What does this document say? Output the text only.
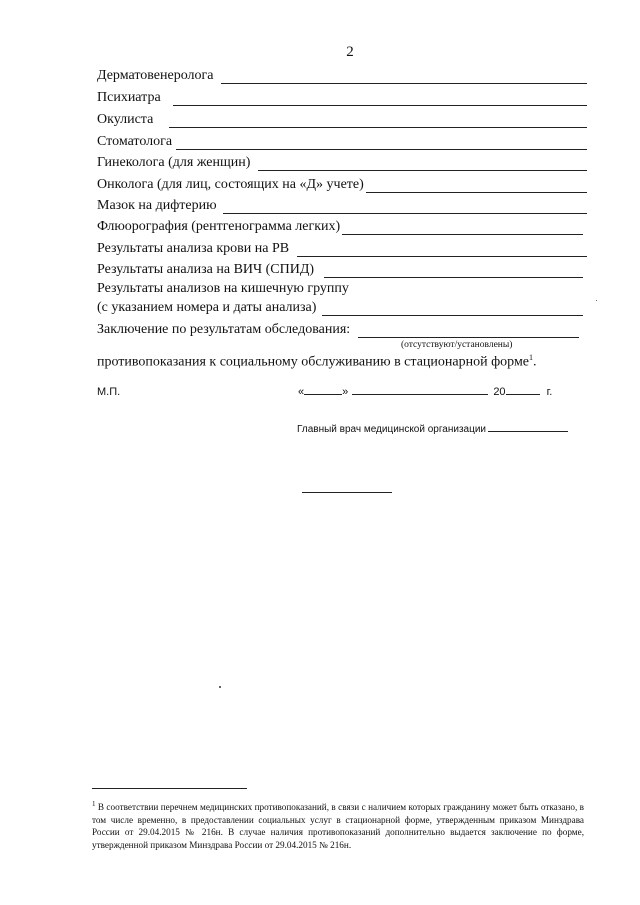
2
Дерматовенеролога
Психиатра
Окулиста
Стоматолога
Гинеколога (для женщин)
Онколога (для лиц, состоящих на «Д» учете)
Мазок на дифтерию
Флюорография (рентгенограмма легких)
Результаты анализа крови на РВ
Результаты анализа на ВИЧ (СПИД)
Результаты анализов на кишечную группу
(с указанием номера и даты анализа)
Заключение по результатам обследования:
(отсутствуют/установлены)
противопоказания к социальному обслуживанию в стационарной форме$^1$.
М.П.	«	»	20	г.
Главный врач медицинской организации
$^1$ В соответствии перечнем медицинских противопоказаний, в связи с наличием которых гражданину может быть отказано, в том числе временно, в предоставлении социальных услуг в стационарной форме, утвержденным приказом Минздрава России от 29.04.2015 № 216н. В случае наличия противопоказаний дополнительно выдается заключение по форме, утвержденной приказом Минздрава России от 29.04.2015 № 216н.
